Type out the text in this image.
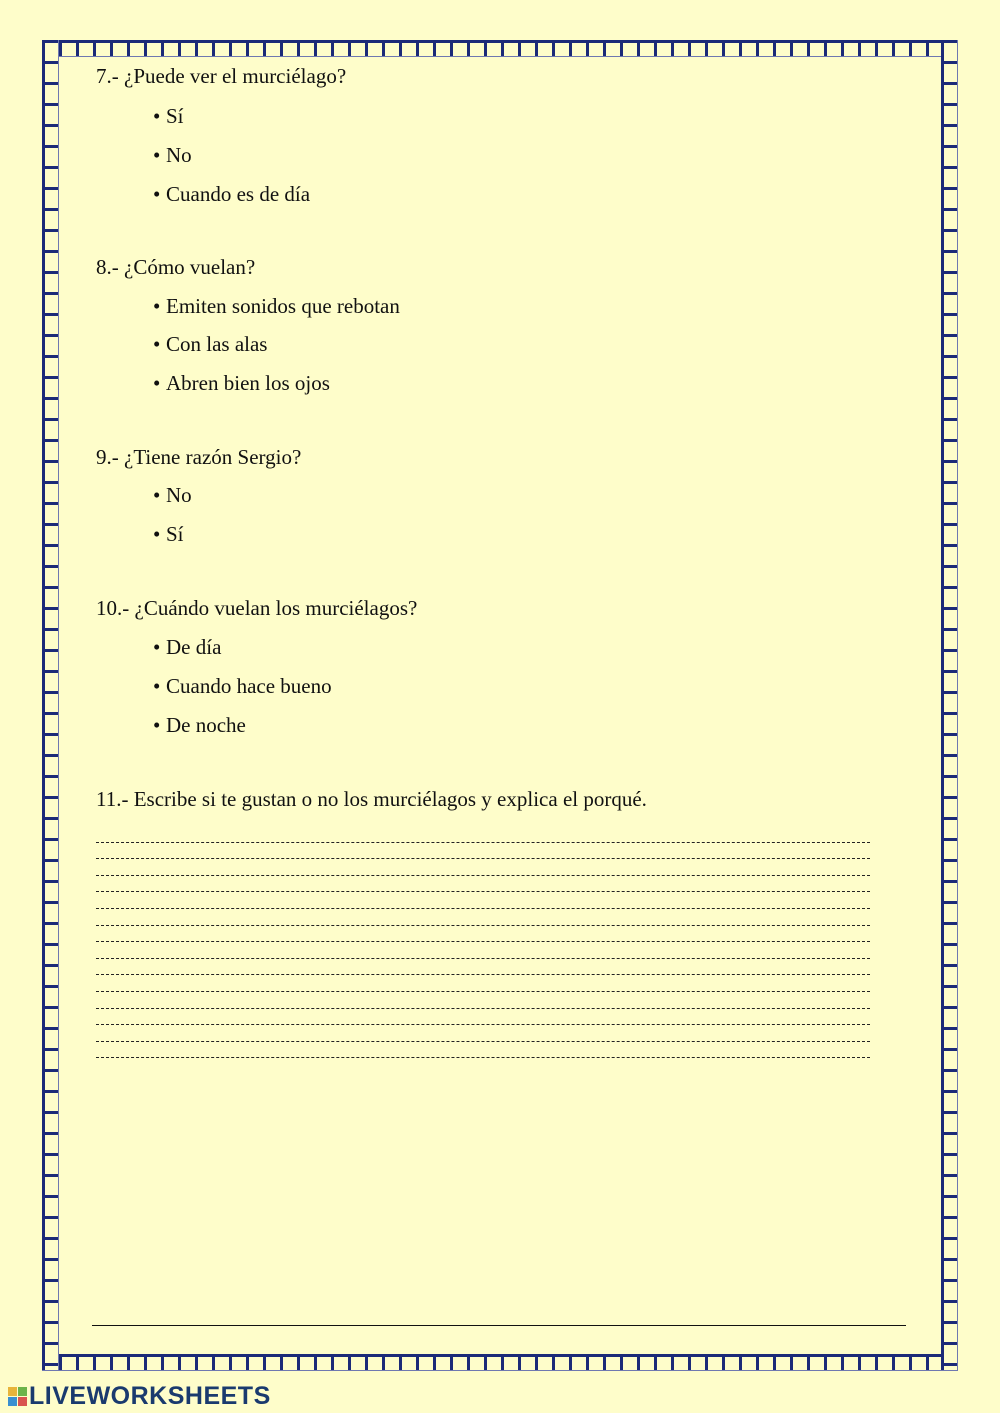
7.- ¿Puede ver el murciélago?
• Sí
• No
• Cuando es de día
8.- ¿Cómo vuelan?
• Emiten sonidos que rebotan
• Con las alas
• Abren bien los ojos
9.- ¿Tiene razón Sergio?
• No
• Sí
10.- ¿Cuándo vuelan los murciélagos?
• De día
• Cuando hace bueno
• De noche
11.- Escribe si te gustan o no los murciélagos y explica el porqué.
LIVEWORKSHEETS
